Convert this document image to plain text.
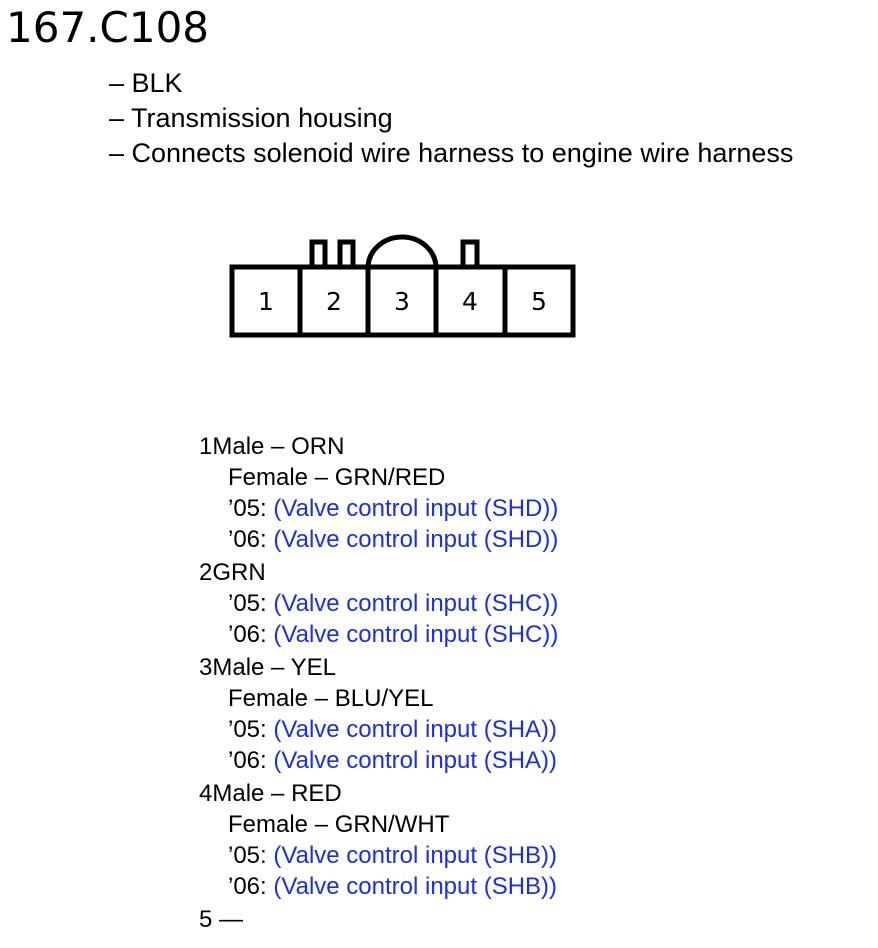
167.C108
– BLK
– Transmission housing
– Connects solenoid wire harness to engine wire harness
1 2 3 4 5
1Male – ORN
Female – GRN/RED
’05: (Valve control input (SHD))
’06: (Valve control input (SHD))
2GRN
’05: (Valve control input (SHC))
’06: (Valve control input (SHC))
3Male – YEL
Female – BLU/YEL
’05: (Valve control input (SHA))
’06: (Valve control input (SHA))
4Male – RED
Female – GRN/WHT
’05: (Valve control input (SHB))
’06: (Valve control input (SHB))
5 —
